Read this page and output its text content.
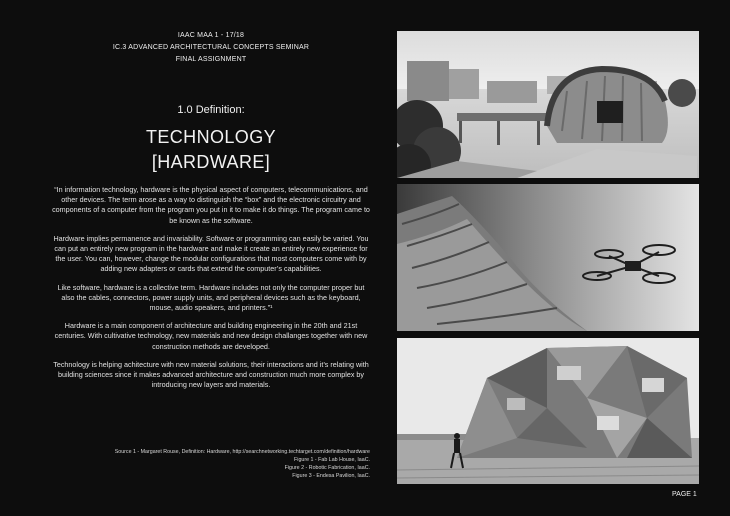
IAAC MAA 1 - 17/18
IC.3 ADVANCED ARCHITECTURAL CONCEPTS SEMINAR
FINAL ASSIGNMENT
1.0 Definition:
TECHNOLOGY
[HARDWARE]

“In information technology, hardware is the physical aspect of computers, telecommunications, and other devices. The term arose as a way to distinguish the “box” and the electronic circuitry and components of a computer from the program you put in it to make it do things. The program came to be known as the software.

Hardware implies permanence and invariability. Software or programming can easily be varied. You can put an entirely new program in the hardware and make it create an entirely new experience for the user. You can, however, change the modular configurations that most computers come with by adding new adapters or cards that extend the computer’s capabilities.

Like software, hardware is a collective term. Hardware includes not only the computer proper but also the cables, connectors, power supply units, and peripheral devices such as the keyboard, mouse, audio speakers, and printers.”¹

Hardware is a main component of architecture and building engineering in the 20th and 21st centuries. With cultivative technology, new materials and new design challanges together with new construction methods are developed.

Technology is helping achitecture with new material solutions, their interactions and it’s relating with building sciences since it makes advanced architecture and construction much more complex by introducing new layers and materials.

Source 1 - Margaret Rouse, Definition: Hardware, http://searchnetworking.techtarget.com/definition/hardware
Figure 1 - Fab Lab House, IaaC.
Figure 2 - Robotic Fabrication, IaaC.
Figure 3 - Endesa Pavilion, IaaC.
PAGE 1
